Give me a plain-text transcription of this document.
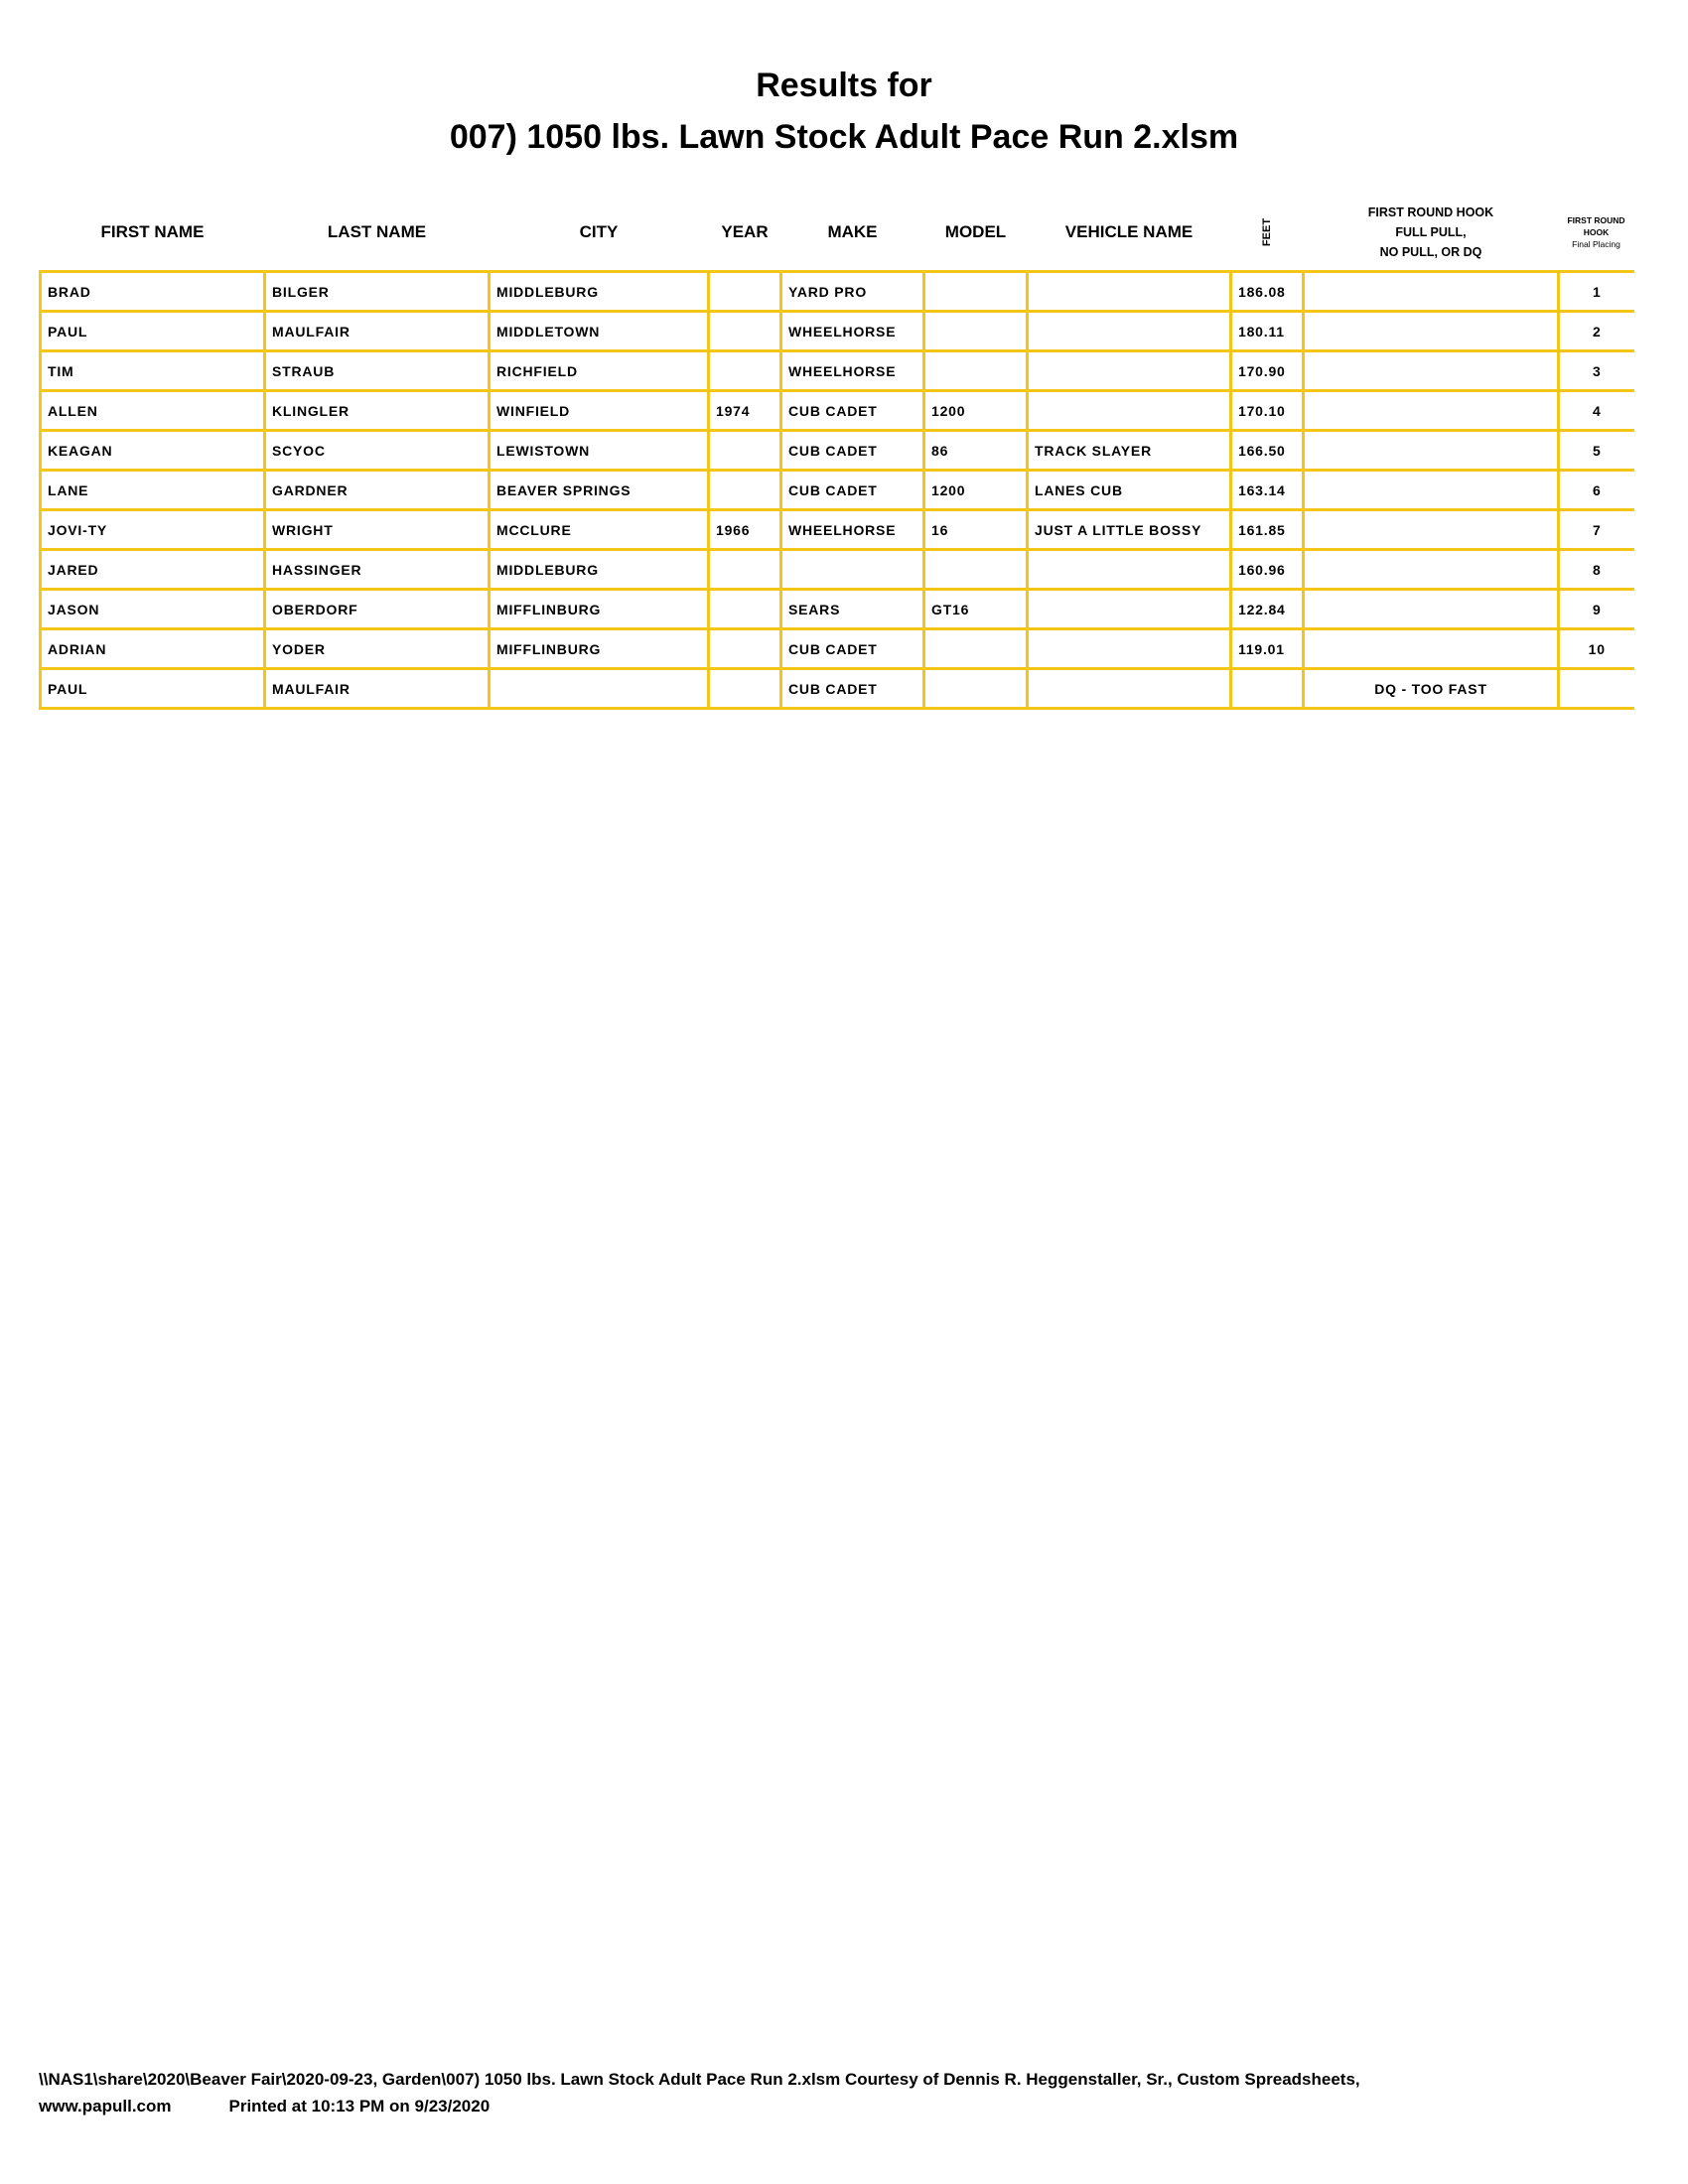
Results for
007) 1050 lbs. Lawn Stock Adult Pace Run 2.xlsm
FIRST NAME	LAST NAME	CITY	YEAR	MAKE	MODEL	VEHICLE NAME	FEET	FIRST ROUND HOOK
FULL PULL,
NO PULL, OR DQ	FIRST ROUND
HOOK
Final Placing
BRAD	BILGER	MIDDLEBURG		YARD PRO			186.08		1
PAUL	MAULFAIR	MIDDLETOWN		WHEELHORSE			180.11		2
TIM	STRAUB	RICHFIELD		WHEELHORSE			170.90		3
ALLEN	KLINGLER	WINFIELD	1974	CUB CADET	1200		170.10		4
KEAGAN	SCYOC	LEWISTOWN		CUB CADET	86	TRACK SLAYER	166.50		5
LANE	GARDNER	BEAVER SPRINGS		CUB CADET	1200	LANES CUB	163.14		6
JOVI-TY	WRIGHT	MCCLURE	1966	WHEELHORSE	16	JUST A LITTLE BOSSY	161.85		7
JARED	HASSINGER	MIDDLEBURG					160.96		8
JASON	OBERDORF	MIFFLINBURG		SEARS	GT16		122.84		9
ADRIAN	YODER	MIFFLINBURG		CUB CADET			119.01		10
PAUL	MAULFAIR			CUB CADET				DQ - TOO FAST	
\\NAS1\share\2020\Beaver Fair\2020-09-23, Garden\007) 1050 lbs. Lawn Stock Adult Pace Run 2.xlsm Courtesy of Dennis R. Heggenstaller, Sr., Custom Spreadsheets,
www.papull.com	Printed at 10:13 PM on 9/23/2020
